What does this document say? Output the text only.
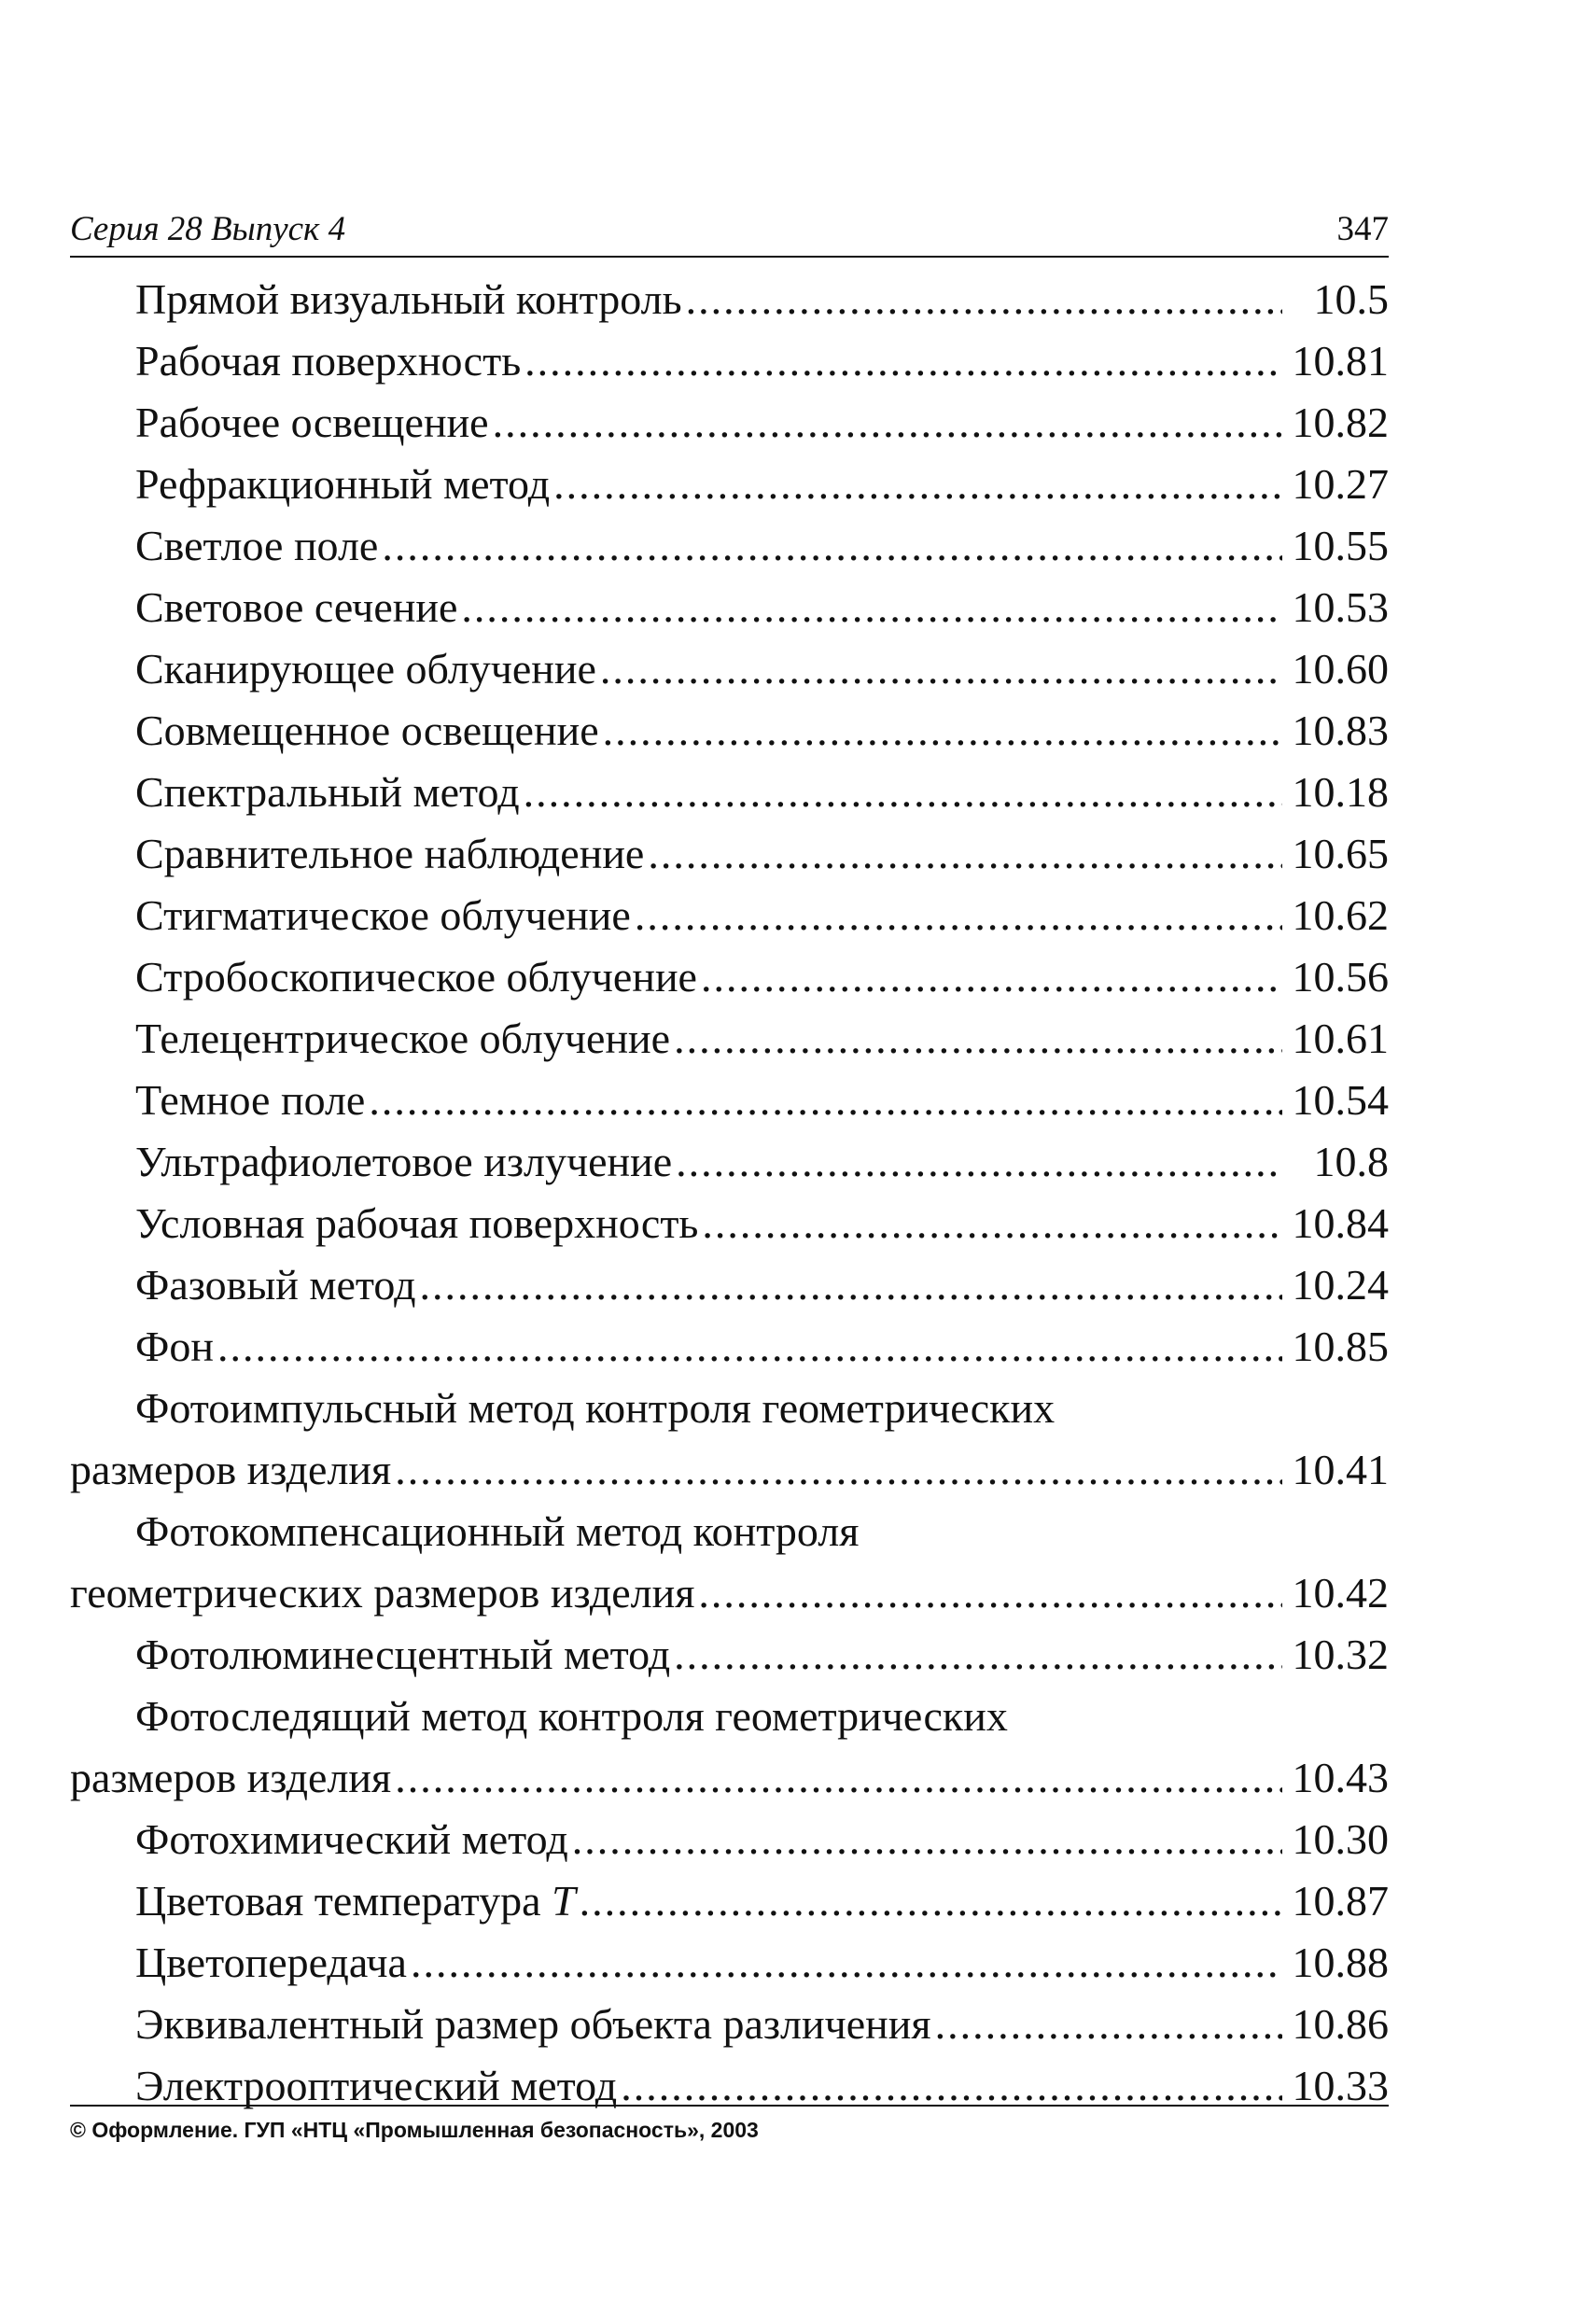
Серия 28 Выпуск 4	347
Прямой визуальный контроль .....	10.5
Рабочая поверхность .....	10.81
Рабочее освещение .....	10.82
Рефракционный метод .....	10.27
Светлое поле .....	10.55
Световое сечение .....	10.53
Сканирующее облучение .....	10.60
Совмещенное освещение .....	10.83
Спектральный метод .....	10.18
Сравнительное наблюдение .....	10.65
Стигматическое облучение .....	10.62
Стробоскопическое облучение .....	10.56
Телецентрическое облучение .....	10.61
Темное поле .....	10.54
Ультрафиолетовое излучение .....	10.8
Условная рабочая поверхность .....	10.84
Фазовый метод .....	10.24
Фон .....	10.85
Фотоимпульсный метод контроля геометрических
размеров изделия .....	10.41
Фотокомпенсационный метод контроля
геометрических размеров изделия .....	10.42
Фотолюминесцентный метод .....	10.32
Фотоследящий метод контроля геометрических
размеров изделия .....	10.43
Фотохимический метод .....	10.30
Цветовая температура T .....	10.87
Цветопередача .....	10.88
Эквивалентный размер объекта различения .....	10.86
Электрооптический метод .....	10.33
© Оформление. ГУП «НТЦ «Промышленная безопасность», 2003
